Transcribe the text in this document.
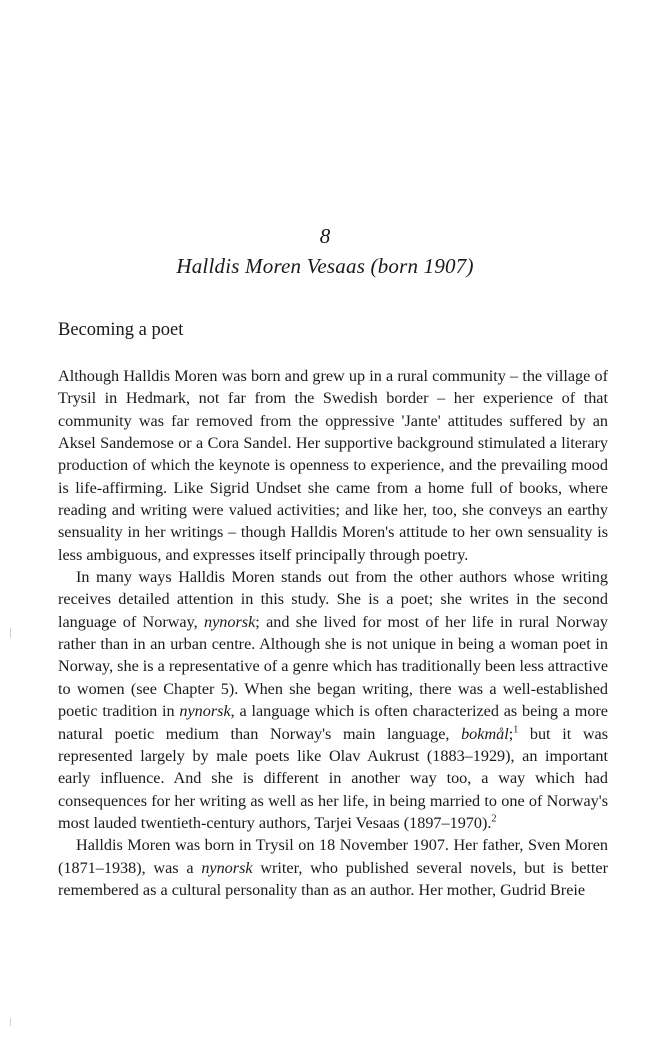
8
Halldis Moren Vesaas (born 1907)
Becoming a poet

Although Halldis Moren was born and grew up in a rural community – the village of Trysil in Hedmark, not far from the Swedish border – her experience of that community was far removed from the oppressive 'Jante' attitudes suffered by an Aksel Sandemose or a Cora Sandel. Her supportive background stimulated a literary production of which the keynote is openness to experience, and the prevailing mood is life-affirming. Like Sigrid Undset she came from a home full of books, where reading and writing were valued activities; and like her, too, she conveys an earthy sensuality in her writings – though Halldis Moren's attitude to her own sensuality is less ambiguous, and expresses itself principally through poetry.

In many ways Halldis Moren stands out from the other authors whose writing receives detailed attention in this study. She is a poet; she writes in the second language of Norway, nynorsk; and she lived for most of her life in rural Norway rather than in an urban centre. Although she is not unique in being a woman poet in Norway, she is a representative of a genre which has traditionally been less attractive to women (see Chapter 5). When she began writing, there was a well-established poetic tradition in nynorsk, a language which is often characterized as being a more natural poetic medium than Norway's main language, bokmål;$^1$ but it was represented largely by male poets like Olav Aukrust (1883–1929), an important early influence. And she is different in another way too, a way which had consequences for her writing as well as her life, in being married to one of Norway's most lauded twentieth-century authors, Tarjei Vesaas (1897–1970).$^2$

Halldis Moren was born in Trysil on 18 November 1907. Her father, Sven Moren (1871–1938), was a nynorsk writer, who published several novels, but is better remembered as a cultural personality than as an author. Her mother, Gudrid Breie
